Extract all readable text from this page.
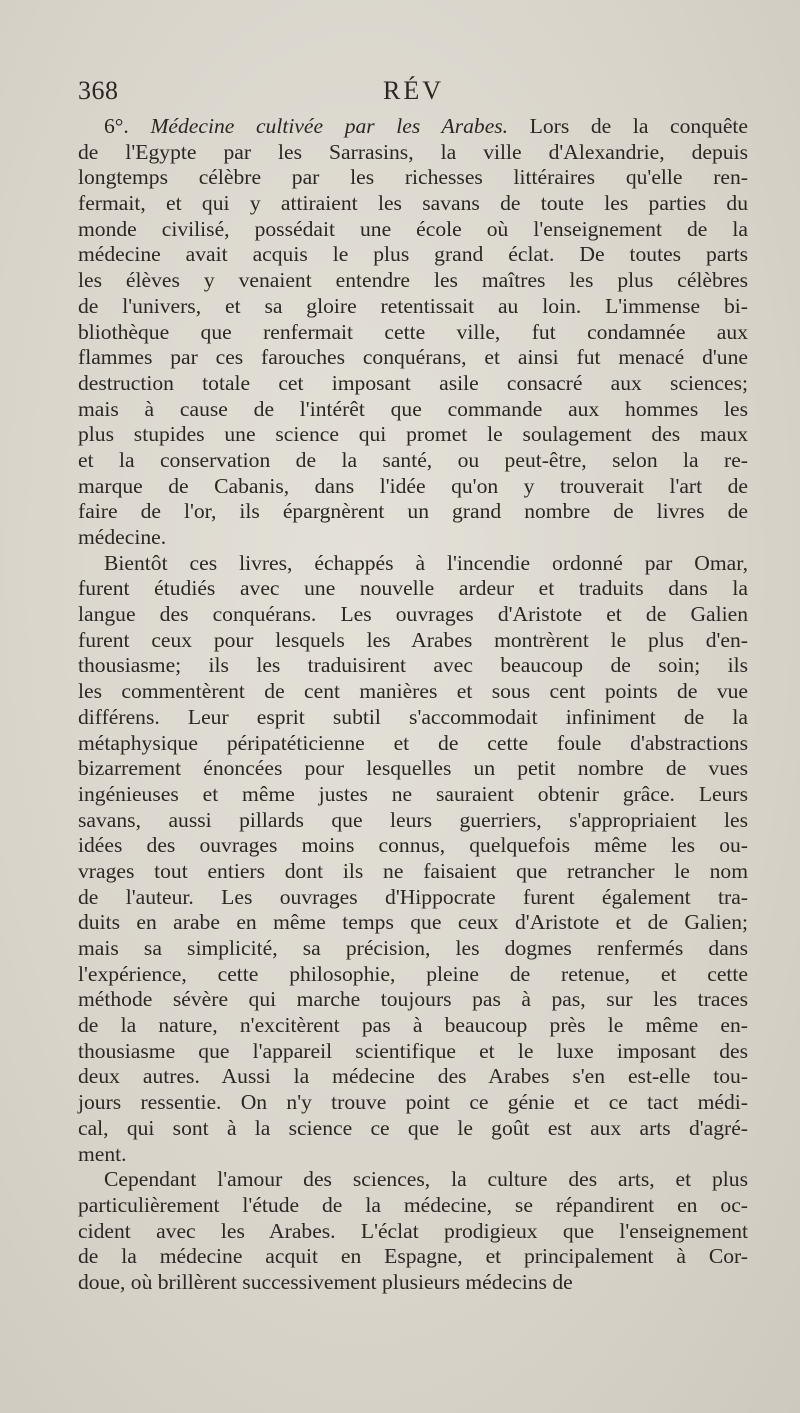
368	RÉV
6°. Médecine cultivée par les Arabes. Lors de la conquête
de l'Egypte par les Sarrasins, la ville d'Alexandrie, depuis
longtemps célèbre par les richesses littéraires qu'elle ren-
fermait, et qui y attiraient les savans de toute les parties du
monde civilisé, possédait une école où l'enseignement de la
médecine avait acquis le plus grand éclat. De toutes parts
les élèves y venaient entendre les maîtres les plus célèbres
de l'univers, et sa gloire retentissait au loin. L'immense bi-
bliothèque que renfermait cette ville, fut condamnée aux
flammes par ces farouches conquérans, et ainsi fut menacé d'une
destruction totale cet imposant asile consacré aux sciences;
mais à cause de l'intérêt que commande aux hommes les
plus stupides une science qui promet le soulagement des maux
et la conservation de la santé, ou peut-être, selon la re-
marque de Cabanis, dans l'idée qu'on y trouverait l'art de
faire de l'or, ils épargnèrent un grand nombre de livres de
médecine.
Bientôt ces livres, échappés à l'incendie ordonné par Omar,
furent étudiés avec une nouvelle ardeur et traduits dans la
langue des conquérans. Les ouvrages d'Aristote et de Galien
furent ceux pour lesquels les Arabes montrèrent le plus d'en-
thousiasme; ils les traduisirent avec beaucoup de soin; ils
les commentèrent de cent manières et sous cent points de vue
différens. Leur esprit subtil s'accommodait infiniment de la
métaphysique péripatéticienne et de cette foule d'abstractions
bizarrement énoncées pour lesquelles un petit nombre de vues
ingénieuses et même justes ne sauraient obtenir grâce. Leurs
savans, aussi pillards que leurs guerriers, s'appropriaient les
idées des ouvrages moins connus, quelquefois même les ou-
vrages tout entiers dont ils ne faisaient que retrancher le nom
de l'auteur. Les ouvrages d'Hippocrate furent également tra-
duits en arabe en même temps que ceux d'Aristote et de Galien;
mais sa simplicité, sa précision, les dogmes renfermés dans
l'expérience, cette philosophie, pleine de retenue, et cette
méthode sévère qui marche toujours pas à pas, sur les traces
de la nature, n'excitèrent pas à beaucoup près le même en-
thousiasme que l'appareil scientifique et le luxe imposant des
deux autres. Aussi la médecine des Arabes s'en est-elle tou-
jours ressentie. On n'y trouve point ce génie et ce tact médi-
cal, qui sont à la science ce que le goût est aux arts d'agré-
ment.
Cependant l'amour des sciences, la culture des arts, et plus
particulièrement l'étude de la médecine, se répandirent en oc-
cident avec les Arabes. L'éclat prodigieux que l'enseignement
de la médecine acquit en Espagne, et principalement à Cor-
doue, où brillèrent successivement plusieurs médecins de
